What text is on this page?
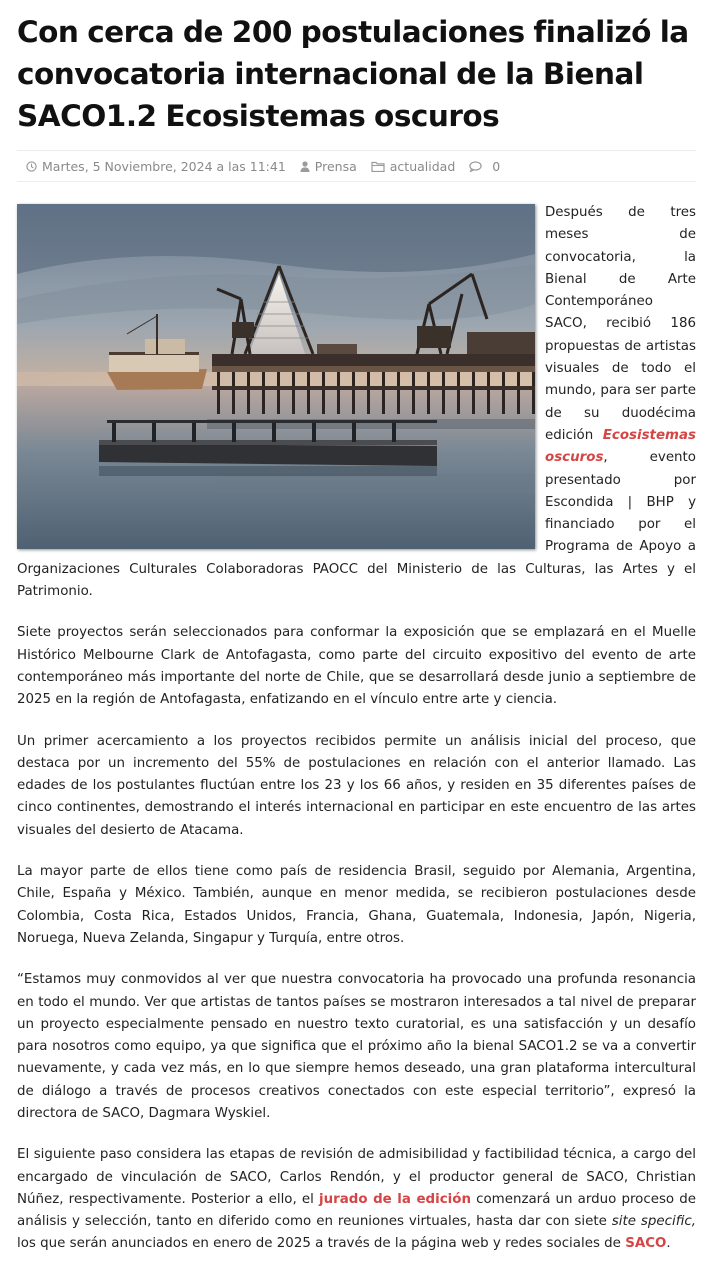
Con cerca de 200 postulaciones finalizó la convocatoria internacional de la Bienal SACO1.2 Ecosistemas oscuros
Martes, 5 Noviembre, 2024 a las 11:41 Prensa	actualidad	0

Después de tres meses de convocatoria, la Bienal de Arte Contemporáneo SACO, recibió 186 propuestas de artistas visuales de todo el mundo, para ser parte de su duodécima edición Ecosistemas oscuros, evento presentado por Escondida | BHP y financiado por el Programa de Apoyo a Organizaciones Culturales Colaboradoras PAOCC del Ministerio de las Culturas, las Artes y el Patrimonio.

Siete proyectos serán seleccionados para conformar la exposición que se emplazará en el Muelle Histórico Melbourne Clark de Antofagasta, como parte del circuito expositivo del evento de arte contemporáneo más importante del norte de Chile, que se desarrollará desde junio a septiembre de 2025 en la región de Antofagasta, enfatizando en el vínculo entre arte y ciencia.

Un primer acercamiento a los proyectos recibidos permite un análisis inicial del proceso, que destaca por un incremento del 55% de postulaciones en relación con el anterior llamado. Las edades de los postulantes fluctúan entre los 23 y los 66 años, y residen en 35 diferentes países de cinco continentes, demostrando el interés internacional en participar en este encuentro de las artes visuales del desierto de Atacama.

La mayor parte de ellos tiene como país de residencia Brasil, seguido por Alemania, Argentina, Chile, España y México. También, aunque en menor medida, se recibieron postulaciones desde Colombia, Costa Rica, Estados Unidos, Francia, Ghana, Guatemala, Indonesia, Japón, Nigeria, Noruega, Nueva Zelanda, Singapur y Turquía, entre otros.

“Estamos muy conmovidos al ver que nuestra convocatoria ha provocado una profunda resonancia en todo el mundo. Ver que artistas de tantos países se mostraron interesados a tal nivel de preparar un proyecto especialmente pensado en nuestro texto curatorial, es una satisfacción y un desafío para nosotros como equipo, ya que significa que el próximo año la bienal SACO1.2 se va a convertir nuevamente, y cada vez más, en lo que siempre hemos deseado, una gran plataforma intercultural de diálogo a través de procesos creativos conectados con este especial territorio”, expresó la directora de SACO, Dagmara Wyskiel.

El siguiente paso considera las etapas de revisión de admisibilidad y factibilidad técnica, a cargo del encargado de vinculación de SACO, Carlos Rendón, y el productor general de SACO, Christian Núñez, respectivamente. Posterior a ello, el jurado de la edición comenzará un arduo proceso de análisis y selección, tanto en diferido como en reuniones virtuales, hasta dar con siete site specific, los que serán anunciados en enero de 2025 a través de la página web y redes sociales de SACO.
